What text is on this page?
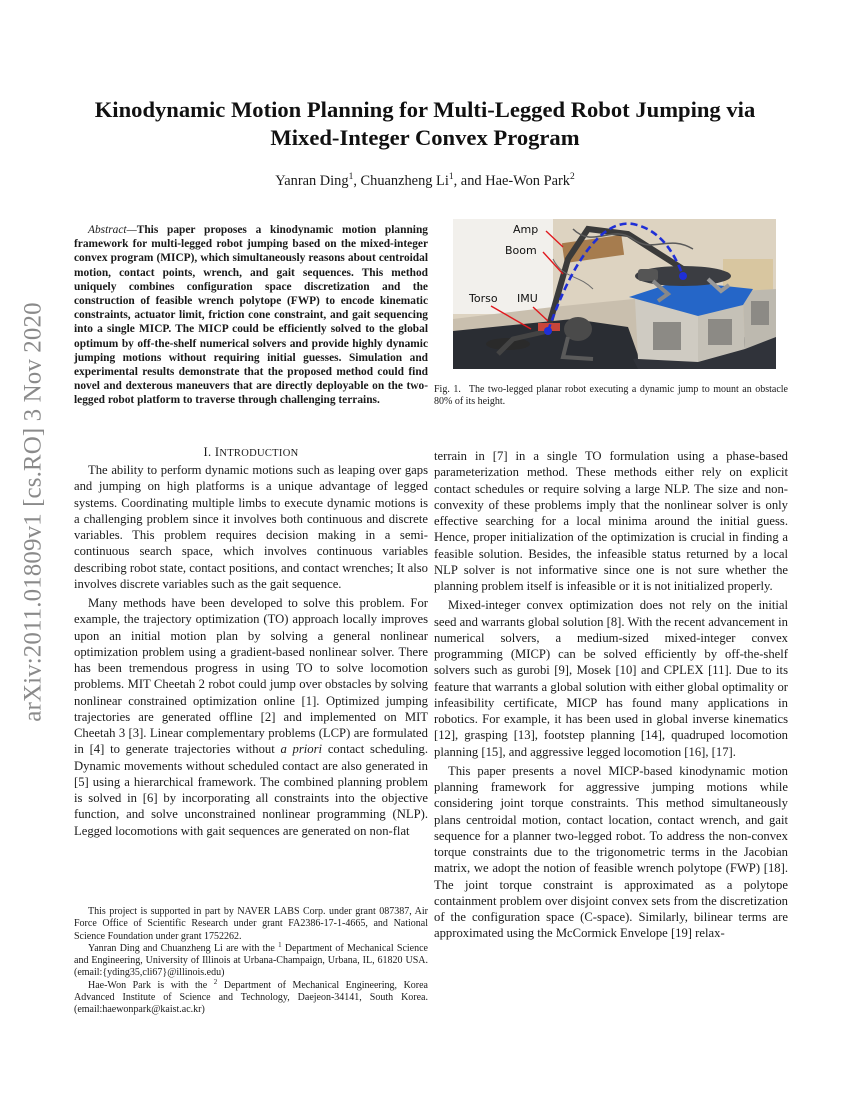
Kinodynamic Motion Planning for Multi-Legged Robot Jumping via
Mixed-Integer Convex Program
Yanran Ding$^1$, Chuanzheng Li$^1$, and Hae-Won Park$^2$
arXiv:2011.01809v1 [cs.RO] 3 Nov 2020

Abstract—This paper proposes a kinodynamic motion planning framework for multi-legged robot jumping based on the mixed-integer convex program (MICP), which simultaneously reasons about centroidal motion, contact points, wrench, and gait sequences. This method uniquely combines configuration space discretization and the construction of feasible wrench polytope (FWP) to encode kinematic constraints, actuator limit, friction cone constraint, and gait sequencing into a single MICP. The MICP could be efficiently solved to the global optimum by off-the-shelf numerical solvers and provide highly dynamic jumping motions without requiring initial guesses. Simulation and experimental results demonstrate that the proposed method could find novel and dexterous maneuvers that are directly deployable on the two-legged robot platform to traverse through challenging terrains.

Amp
Boom
Torso IMU
Fig. 1. The two-legged planar robot executing a dynamic jump to mount an obstacle 80% of its height.
I. INTRODUCTION

The ability to perform dynamic motions such as leaping over gaps and jumping on high platforms is a unique advantage of legged systems. Coordinating multiple limbs to execute dynamic motions is a challenging problem since it involves both continuous and discrete variables. This problem requires decision making in a semi-continuous search space, which involves continuous variables describing robot state, contact positions, and contact wrenches; It also involves discrete variables such as the gait sequence.

Many methods have been developed to solve this problem. For example, the trajectory optimization (TO) approach locally improves upon an initial motion plan by solving a general nonlinear optimization problem using a gradient-based nonlinear solver. There has been tremendous progress in using TO to solve locomotion problems. MIT Cheetah 2 robot could jump over obstacles by solving nonlinear constrained optimization online [1]. Optimized jumping trajectories are generated offline [2] and implemented on MIT Cheetah 3 [3]. Linear complementary problems (LCP) are formulated in [4] to generate trajectories without a priori contact scheduling. Dynamic movements without scheduled contact are also generated in [5] using a hierarchical framework. The combined planning problem is solved in [6] by incorporating all constraints into the objective function, and solve unconstrained nonlinear programming (NLP). Legged locomotions with gait sequences are generated on non-flat

This project is supported in part by NAVER LABS Corp. under grant 087387, Air Force Office of Scientific Research under grant FA2386-17-1-4665, and National Science Foundation under grant 1752262.

Yanran Ding and Chuanzheng Li are with the $^1$ Department of Mechanical Science and Engineering, University of Illinois at Urbana-Champaign, Urbana, IL, 61820 USA. (email:{yding35,cli67}@illinois.edu)

Hae-Won Park is with the $^2$ Department of Mechanical Engineering, Korea Advanced Institute of Science and Technology, Daejeon-34141, South Korea. (email:haewonpark@kaist.ac.kr)

terrain in [7] in a single TO formulation using a phase-based parameterization method. These methods either rely on explicit contact schedules or require solving a large NLP. The size and non-convexity of these problems imply that the nonlinear solver is only effective searching for a local minima around the initial guess. Hence, proper initialization of the optimization is crucial in finding a feasible solution. Besides, the infeasible status returned by a local NLP solver is not informative since one is not sure whether the planning problem itself is infeasible or it is not initialized properly.

Mixed-integer convex optimization does not rely on the initial seed and warrants global solution [8]. With the recent advancement in numerical solvers, a medium-sized mixed-integer convex programming (MICP) can be solved efficiently by off-the-shelf solvers such as gurobi [9], Mosek [10] and CPLEX [11]. Due to its feature that warrants a global solution with either global optimality or infeasibility certificate, MICP has found many applications in robotics. For example, it has been used in global inverse kinematics [12], grasping [13], footstep planning [14], quadruped locomotion planning [15], and aggressive legged locomotion [16], [17].

This paper presents a novel MICP-based kinodynamic motion planning framework for aggressive jumping motions while considering joint torque constraints. This method simultaneously plans centroidal motion, contact location, contact wrench, and gait sequence for a planner two-legged robot. To address the non-convex torque constraints due to the trigonometric terms in the Jacobian matrix, we adopt the notion of feasible wrench polytope (FWP) [18]. The joint torque constraint is approximated as a polytope containment problem over disjoint convex sets from the discretization of the configuration space (C-space). Similarly, bilinear terms are approximated using the McCormick Envelope [19] relax-
